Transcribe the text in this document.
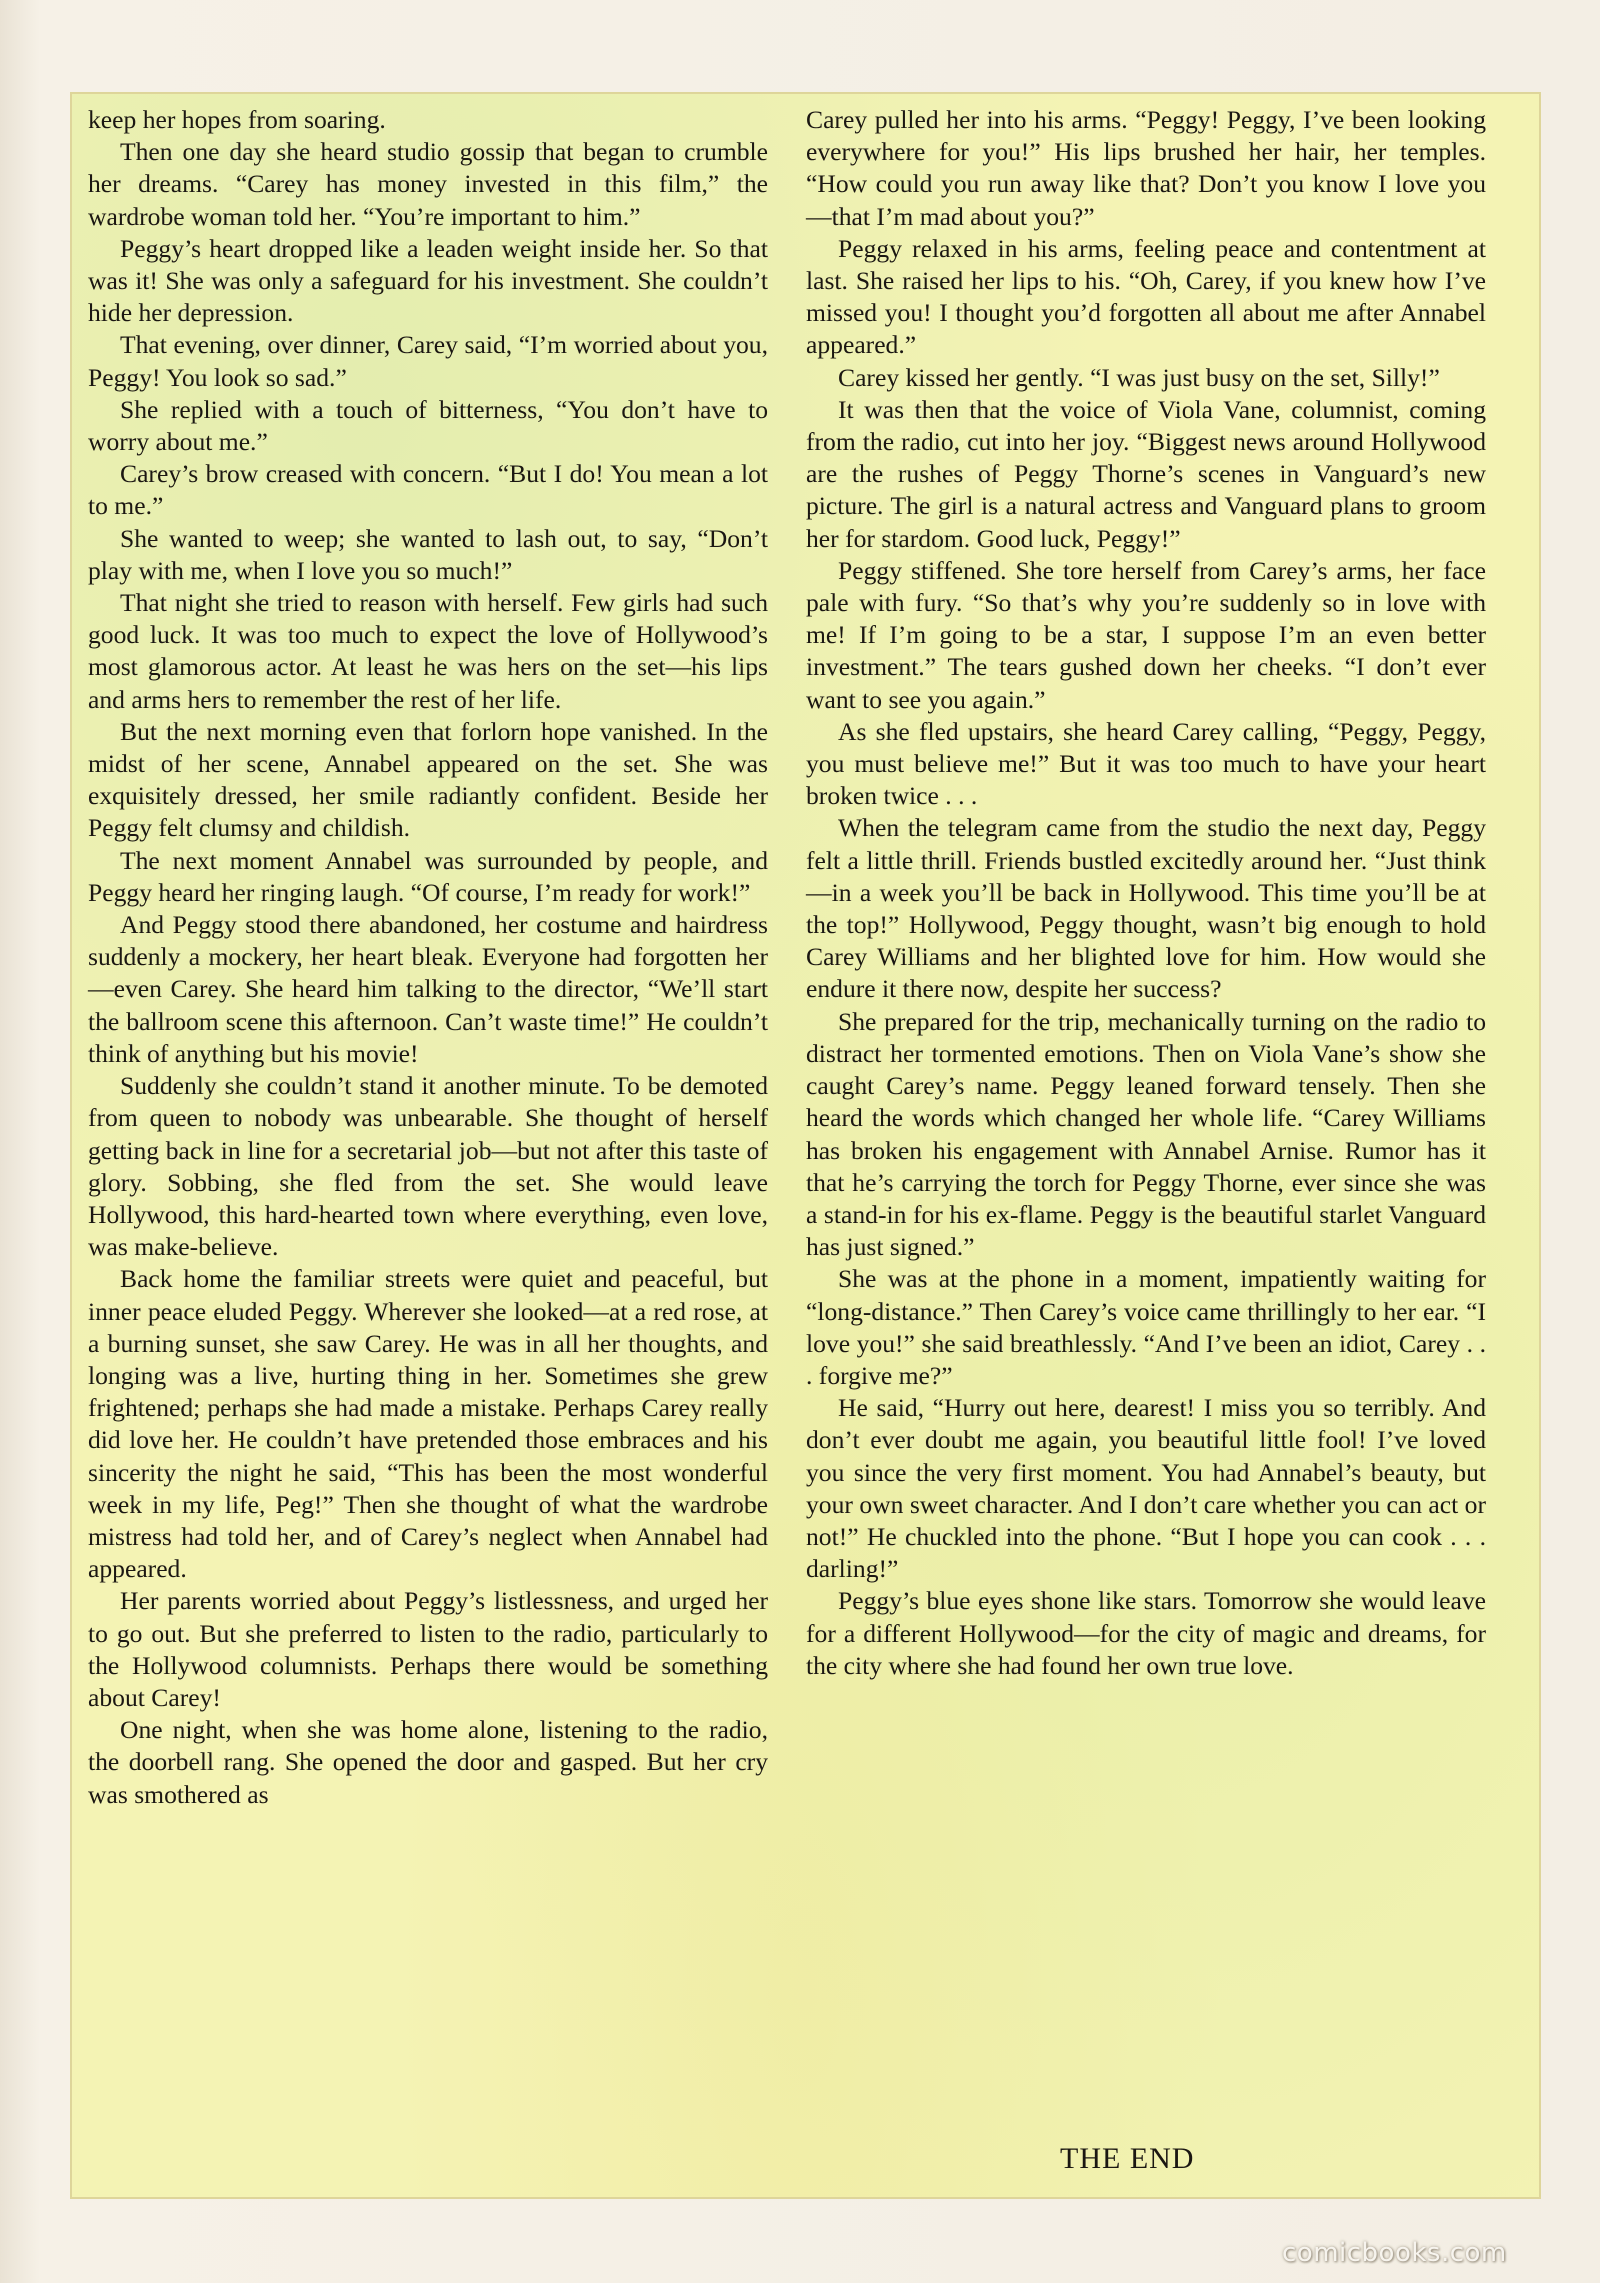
keep her hopes from soaring.

Then one day she heard studio gossip that began to crumble her dreams. “Carey has money invested in this film,” the wardrobe woman told her. “You’re important to him.”

Peggy’s heart dropped like a leaden weight inside her. So that was it! She was only a safeguard for his investment. She couldn’t hide her depression.

That evening, over dinner, Carey said, “I’m worried about you, Peggy! You look so sad.”

She replied with a touch of bitterness, “You don’t have to worry about me.”

Carey’s brow creased with concern. “But I do! You mean a lot to me.”

She wanted to weep; she wanted to lash out, to say, “Don’t play with me, when I love you so much!”

That night she tried to reason with herself. Few girls had such good luck. It was too much to expect the love of Hollywood’s most glamorous actor. At least he was hers on the set—his lips and arms hers to remember the rest of her life.

But the next morning even that forlorn hope vanished. In the midst of her scene, Annabel appeared on the set. She was exquisitely dressed, her smile radiantly confident. Beside her Peggy felt clumsy and childish.

The next moment Annabel was surrounded by people, and Peggy heard her ringing laugh. “Of course, I’m ready for work!”

And Peggy stood there abandoned, her costume and hairdress suddenly a mockery, her heart bleak. Everyone had forgotten her—even Carey. She heard him talking to the director, “We’ll start the ballroom scene this afternoon. Can’t waste time!” He couldn’t think of anything but his movie!

Suddenly she couldn’t stand it another minute. To be demoted from queen to nobody was unbearable. She thought of herself getting back in line for a secretarial job—but not after this taste of glory. Sobbing, she fled from the set. She would leave Hollywood, this hard-hearted town where everything, even love, was make-believe.

Back home the familiar streets were quiet and peaceful, but inner peace eluded Peggy. Wherever she looked—at a red rose, at a burning sunset, she saw Carey. He was in all her thoughts, and longing was a live, hurting thing in her. Sometimes she grew frightened; perhaps she had made a mistake. Perhaps Carey really did love her. He couldn’t have pretended those embraces and his sincerity the night he said, “This has been the most wonderful week in my life, Peg!” Then she thought of what the wardrobe mistress had told her, and of Carey’s neglect when Annabel had appeared.

Her parents worried about Peggy’s listlessness, and urged her to go out. But she preferred to listen to the radio, particularly to the Hollywood columnists. Perhaps there would be something about Carey!

One night, when she was home alone, listening to the radio, the doorbell rang. She opened the door and gasped. But her cry was smothered as

Carey pulled her into his arms. “Peggy! Peggy, I’ve been looking everywhere for you!” His lips brushed her hair, her temples. “How could you run away like that? Don’t you know I love you—that I’m mad about you?”

Peggy relaxed in his arms, feeling peace and contentment at last. She raised her lips to his. “Oh, Carey, if you knew how I’ve missed you! I thought you’d forgotten all about me after Annabel appeared.”

Carey kissed her gently. “I was just busy on the set, Silly!”

It was then that the voice of Viola Vane, columnist, coming from the radio, cut into her joy. “Biggest news around Hollywood are the rushes of Peggy Thorne’s scenes in Vanguard’s new picture. The girl is a natural actress and Vanguard plans to groom her for stardom. Good luck, Peggy!”

Peggy stiffened. She tore herself from Carey’s arms, her face pale with fury. “So that’s why you’re suddenly so in love with me! If I’m going to be a star, I suppose I’m an even better investment.” The tears gushed down her cheeks. “I don’t ever want to see you again.”

As she fled upstairs, she heard Carey calling, “Peggy, Peggy, you must believe me!” But it was too much to have your heart broken twice . . .

When the telegram came from the studio the next day, Peggy felt a little thrill. Friends bustled excitedly around her. “Just think—in a week you’ll be back in Hollywood. This time you’ll be at the top!” Hollywood, Peggy thought, wasn’t big enough to hold Carey Williams and her blighted love for him. How would she endure it there now, despite her success?

She prepared for the trip, mechanically turning on the radio to distract her tormented emotions. Then on Viola Vane’s show she caught Carey’s name. Peggy leaned forward tensely. Then she heard the words which changed her whole life. “Carey Williams has broken his engagement with Annabel Arnise. Rumor has it that he’s carrying the torch for Peggy Thorne, ever since she was a stand-in for his ex-flame. Peggy is the beautiful starlet Vanguard has just signed.”

She was at the phone in a moment, impatiently waiting for “long-distance.” Then Carey’s voice came thrillingly to her ear. “I love you!” she said breathlessly. “And I’ve been an idiot, Carey . . . forgive me?”

He said, “Hurry out here, dearest! I miss you so terribly. And don’t ever doubt me again, you beautiful little fool! I’ve loved you since the very first moment. You had Annabel’s beauty, but your own sweet character. And I don’t care whether you can act or not!” He chuckled into the phone. “But I hope you can cook . . . darling!”

Peggy’s blue eyes shone like stars. Tomorrow she would leave for a different Hollywood—for the city of magic and dreams, for the city where she had found her own true love.

THE END
comicbooks.com
